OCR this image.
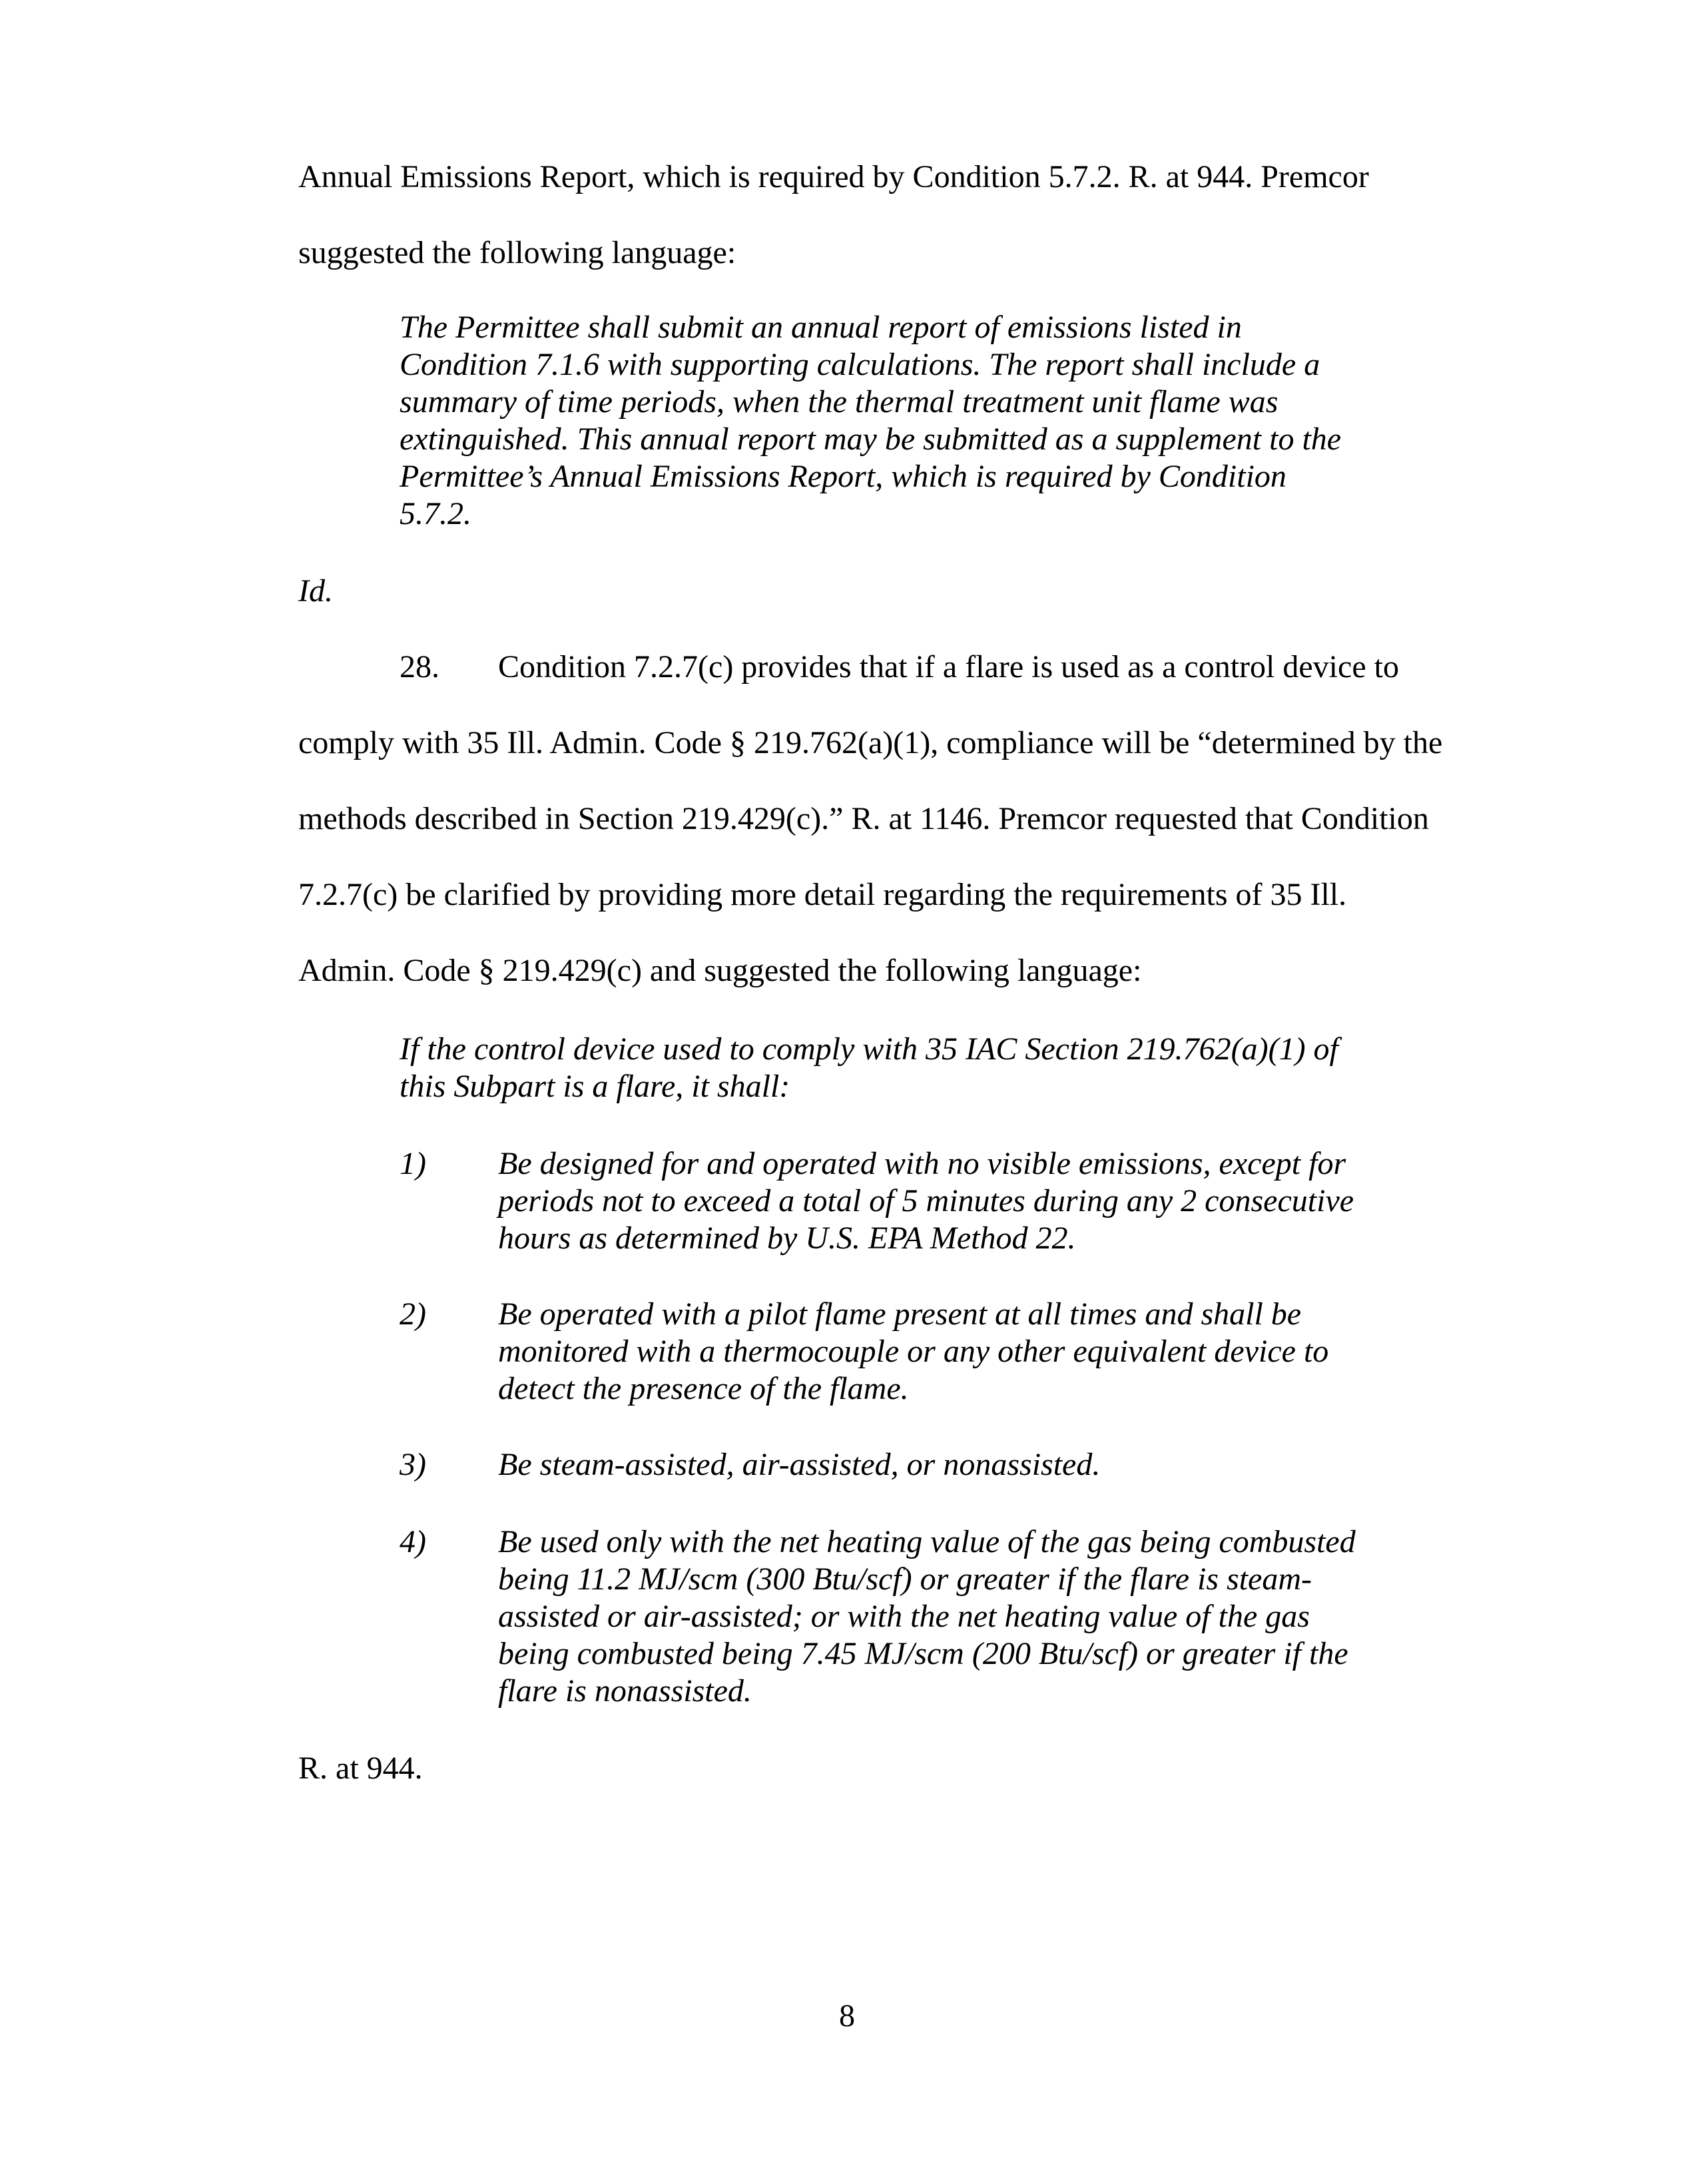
Annual Emissions Report, which is required by Condition 5.7.2. R. at 944. Premcor
suggested the following language:
The Permittee shall submit an annual report of emissions listed in
Condition 7.1.6 with supporting calculations. The report shall include a
summary of time periods, when the thermal treatment unit flame was
extinguished. This annual report may be submitted as a supplement to the
Permittee’s Annual Emissions Report, which is required by Condition
5.7.2.
Id.
28. Condition 7.2.7(c) provides that if a flare is used as a control device to
comply with 35 Ill. Admin. Code § 219.762(a)(1), compliance will be “determined by the
methods described in Section 219.429(c).” R. at 1146. Premcor requested that Condition
7.2.7(c) be clarified by providing more detail regarding the requirements of 35 Ill.
Admin. Code § 219.429(c) and suggested the following language:
If the control device used to comply with 35 IAC Section 219.762(a)(1) of
this Subpart is a flare, it shall:
1) Be designed for and operated with no visible emissions, except for
periods not to exceed a total of 5 minutes during any 2 consecutive
hours as determined by U.S. EPA Method 22.
2) Be operated with a pilot flame present at all times and shall be
monitored with a thermocouple or any other equivalent device to
detect the presence of the flame.
3) Be steam-assisted, air-assisted, or nonassisted.
4) Be used only with the net heating value of the gas being combusted
being 11.2 MJ/scm (300 Btu/scf) or greater if the flare is steam-
assisted or air-assisted; or with the net heating value of the gas
being combusted being 7.45 MJ/scm (200 Btu/scf) or greater if the
flare is nonassisted.
R. at 944.
8
